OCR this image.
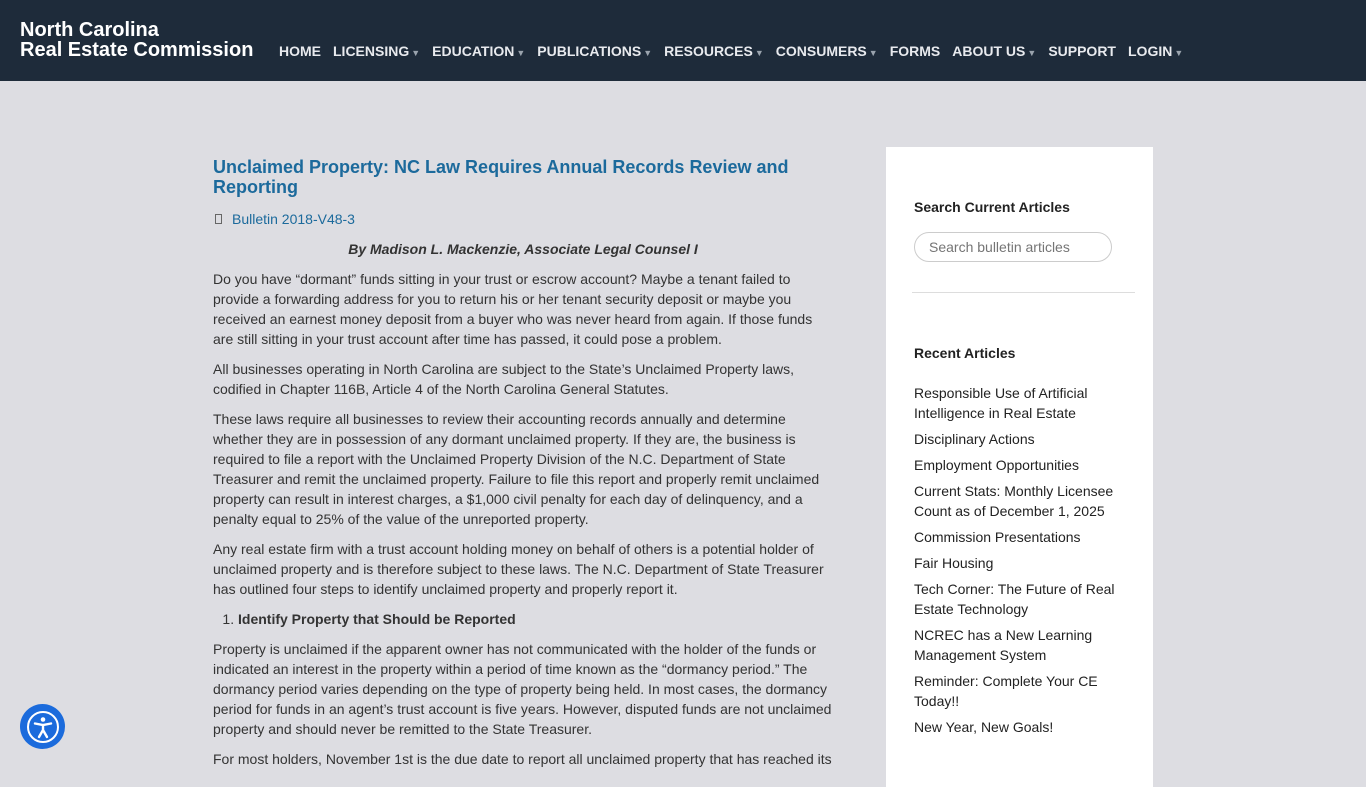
North Carolina
Real Estate Commission HOME LICENSING ▼ EDUCATION ▼ PUBLICATIONS ▼ RESOURCES ▼ CONSUMERS ▼ FORMS ABOUT US ▼ SUPPORT LOGIN ▼
Unclaimed Property: NC Law Requires Annual Records Review and Reporting
Bulletin 2018-V48-3
By Madison L. Mackenzie, Associate Legal Counsel I

Do you have “dormant” funds sitting in your trust or escrow account? Maybe a tenant failed to provide a forwarding address for you to return his or her tenant security deposit or maybe you received an earnest money deposit from a buyer who was never heard from again. If those funds are still sitting in your trust account after time has passed, it could pose a problem.

All businesses operating in North Carolina are subject to the State’s Unclaimed Property laws, codified in Chapter 116B, Article 4 of the North Carolina General Statutes.

These laws require all businesses to review their accounting records annually and determine whether they are in possession of any dormant unclaimed property. If they are, the business is required to file a report with the Unclaimed Property Division of the N.C. Department of State Treasurer and remit the unclaimed property. Failure to file this report and properly remit unclaimed property can result in interest charges, a $1,000 civil penalty for each day of delinquency, and a penalty equal to 25% of the value of the unreported property.

Any real estate firm with a trust account holding money on behalf of others is a potential holder of unclaimed property and is therefore subject to these laws. The N.C. Department of State Treasurer has outlined four steps to identify unclaimed property and properly report it.

1. Identify Property that Should be Reported

Property is unclaimed if the apparent owner has not communicated with the holder of the funds or indicated an interest in the property within a period of time known as the “dormancy period.” The dormancy period varies depending on the type of property being held. In most cases, the dormancy period for funds in an agent’s trust account is five years. However, disputed funds are not unclaimed property and should never be remitted to the State Treasurer.

For most holders, November 1st is the due date to report all unclaimed property that has reached its

Search Current Articles
Search bulletin articles
Recent Articles
Responsible Use of Artificial Intelligence in Real Estate
Disciplinary Actions
Employment Opportunities
Current Stats: Monthly Licensee Count as of December 1, 2025
Commission Presentations
Fair Housing
Tech Corner: The Future of Real Estate Technology
NCREC has a New Learning Management System
Reminder: Complete Your CE Today!!
New Year, New Goals!
